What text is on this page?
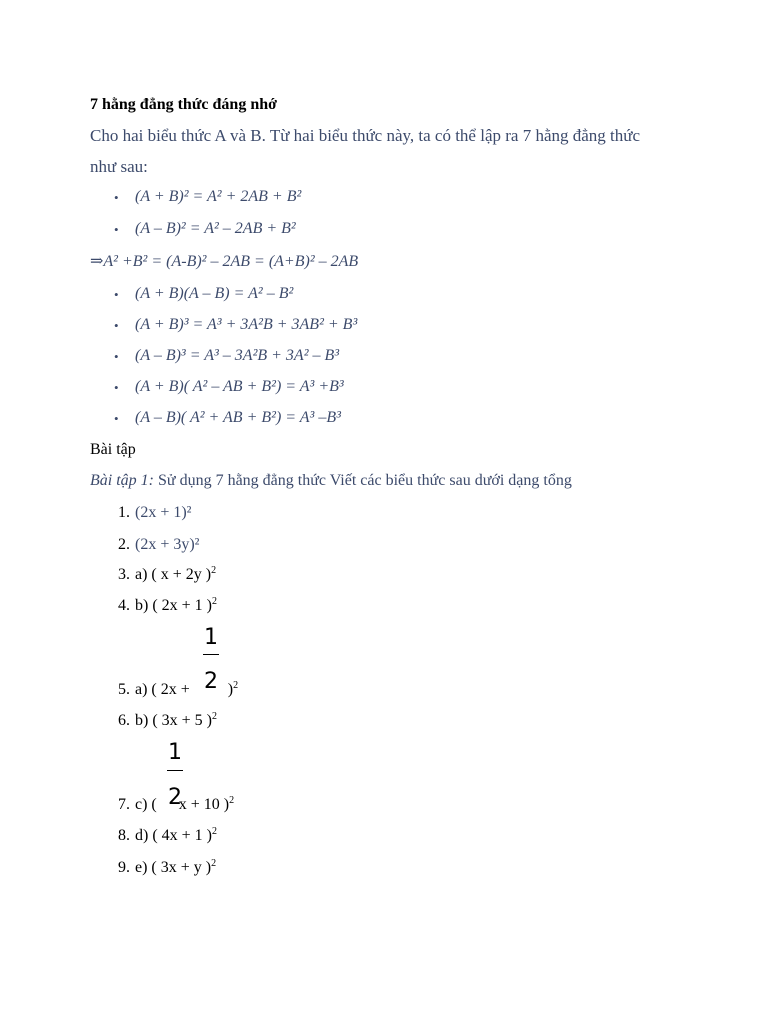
7 hằng đẳng thức đáng nhớ
Cho hai biểu thức A và B. Từ hai biểu thức này, ta có thể lập ra 7 hằng đẳng thức
như sau:
• (A + B)² = A² + 2AB + B²
• (A – B)² = A² – 2AB + B²
⇒A² +B² = (A-B)² – 2AB = (A+B)² – 2AB
• (A + B)(A – B) = A² – B²
• (A + B)³ = A³ + 3A²B + 3AB² + B³
• (A – B)³ = A³ – 3A²B + 3A² – B³
• (A + B)( A² – AB + B²) = A³ +B³
• (A – B)( A² + AB + B²) = A³ –B³
Bài tập
Bài tập 1: Sử dụng 7 hằng đẳng thức Viết các biểu thức sau dưới dạng tổng
1. (2x + 1)²
2. (2x + 3y)²
3. a) ( x + 2y )$^2$
4. b) ( 2x + 1 )$^2$
1
2
5. a) ( 2x +  )$^2$
6. b) ( 3x + 5 )$^2$
1
2
7. c) (  x + 10 )$^2$
8. d) ( 4x + 1 )$^2$
9. e) ( 3x + y )$^2$
